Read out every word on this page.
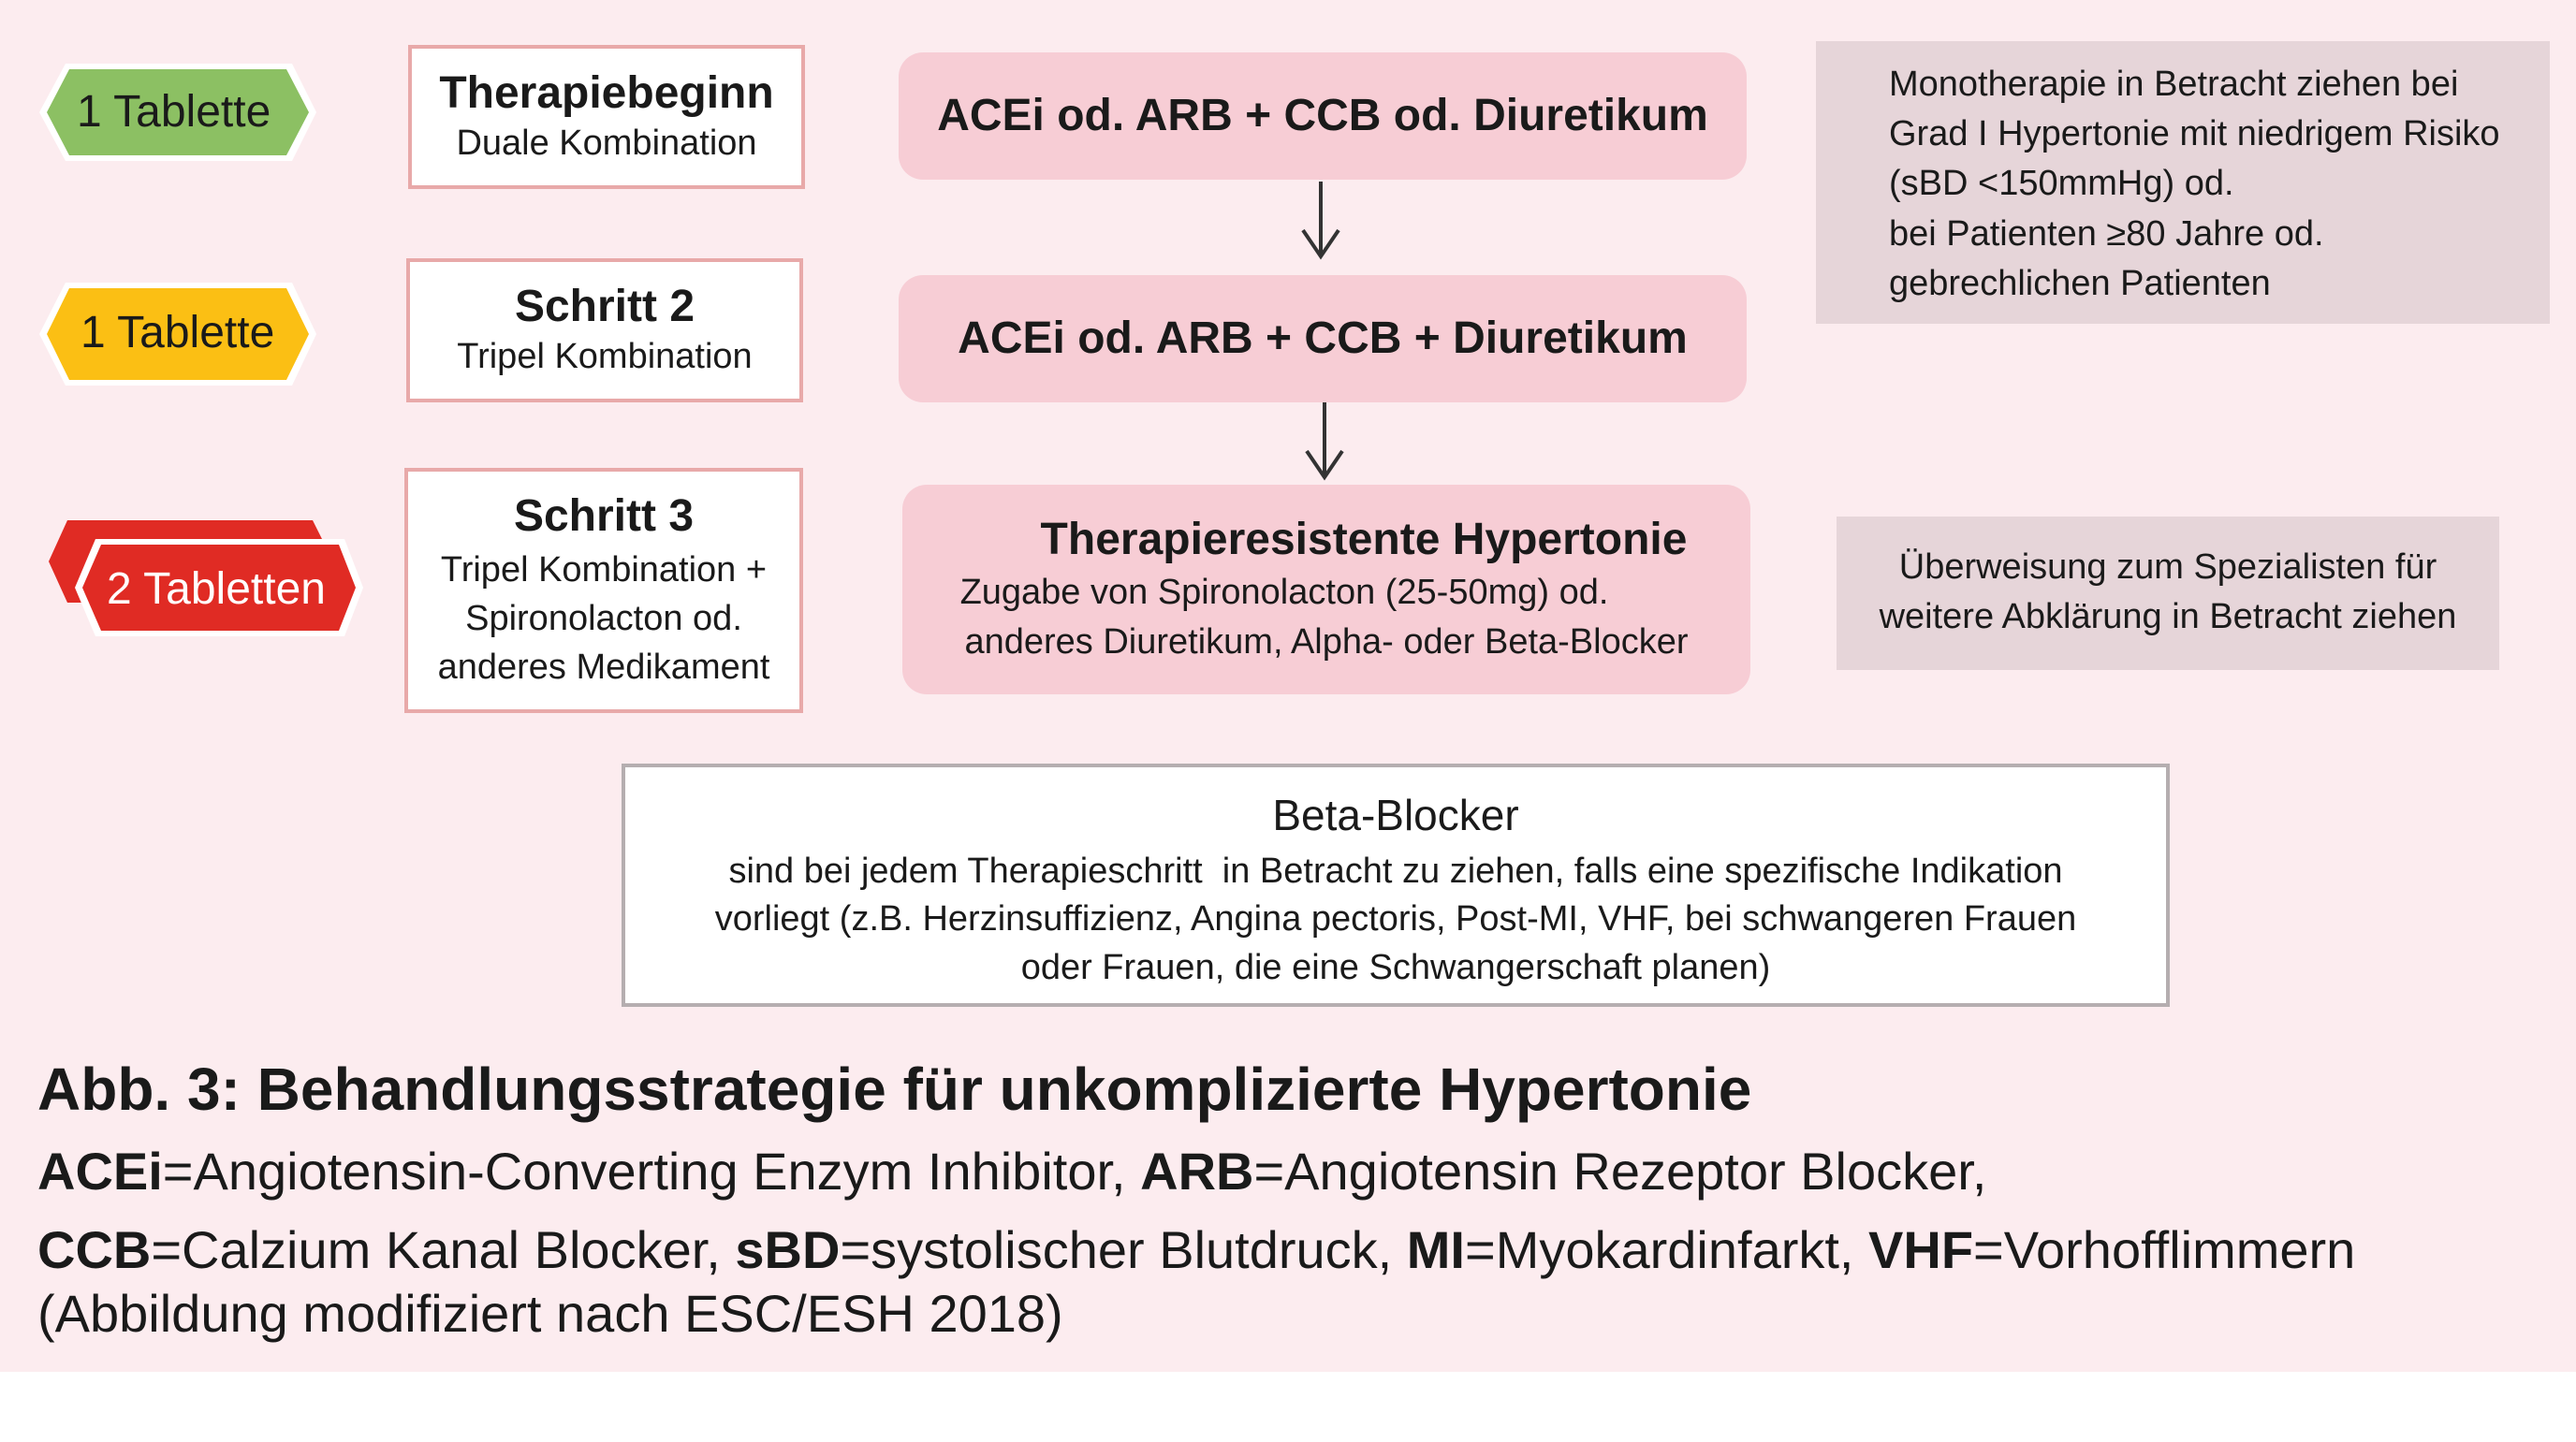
1 Tablette
1 Tablette
2 Tabletten
Therapiebeginn
Duale Kombination
Schritt 2
Tripel Kombination
Schritt 3
Tripel Kombination +
Spironolacton od.
anderes Medikament
ACEi od. ARB + CCB od. Diuretikum
ACEi od. ARB + CCB + Diuretikum
Therapieresistente Hypertonie
Zugabe von Spironolacton (25-50mg) od.
anderes Diuretikum, Alpha- oder Beta-Blocker
Monotherapie in Betracht ziehen bei
Grad I Hypertonie mit niedrigem Risiko
(sBD <150mmHg) od.
bei Patienten ≥80 Jahre od.
gebrechlichen Patienten
Überweisung zum Spezialisten für
weitere Abklärung in Betracht ziehen
Beta-Blocker
sind bei jedem Therapieschritt  in Betracht zu ziehen, falls eine spezifische Indikation
vorliegt (z.B. Herzinsuffizienz, Angina pectoris, Post-MI, VHF, bei schwangeren Frauen
oder Frauen, die eine Schwangerschaft planen)
Abb. 3: Behandlungsstrategie für unkomplizierte Hypertonie
ACEi=Angiotensin-Converting Enzym Inhibitor, ARB=Angiotensin Rezeptor Blocker,
CCB=Calzium Kanal Blocker, sBD=systolischer Blutdruck, MI=Myokardinfarkt, VHF=Vorhofflimmern
(Abbildung modifiziert nach ESC/ESH 2018)
